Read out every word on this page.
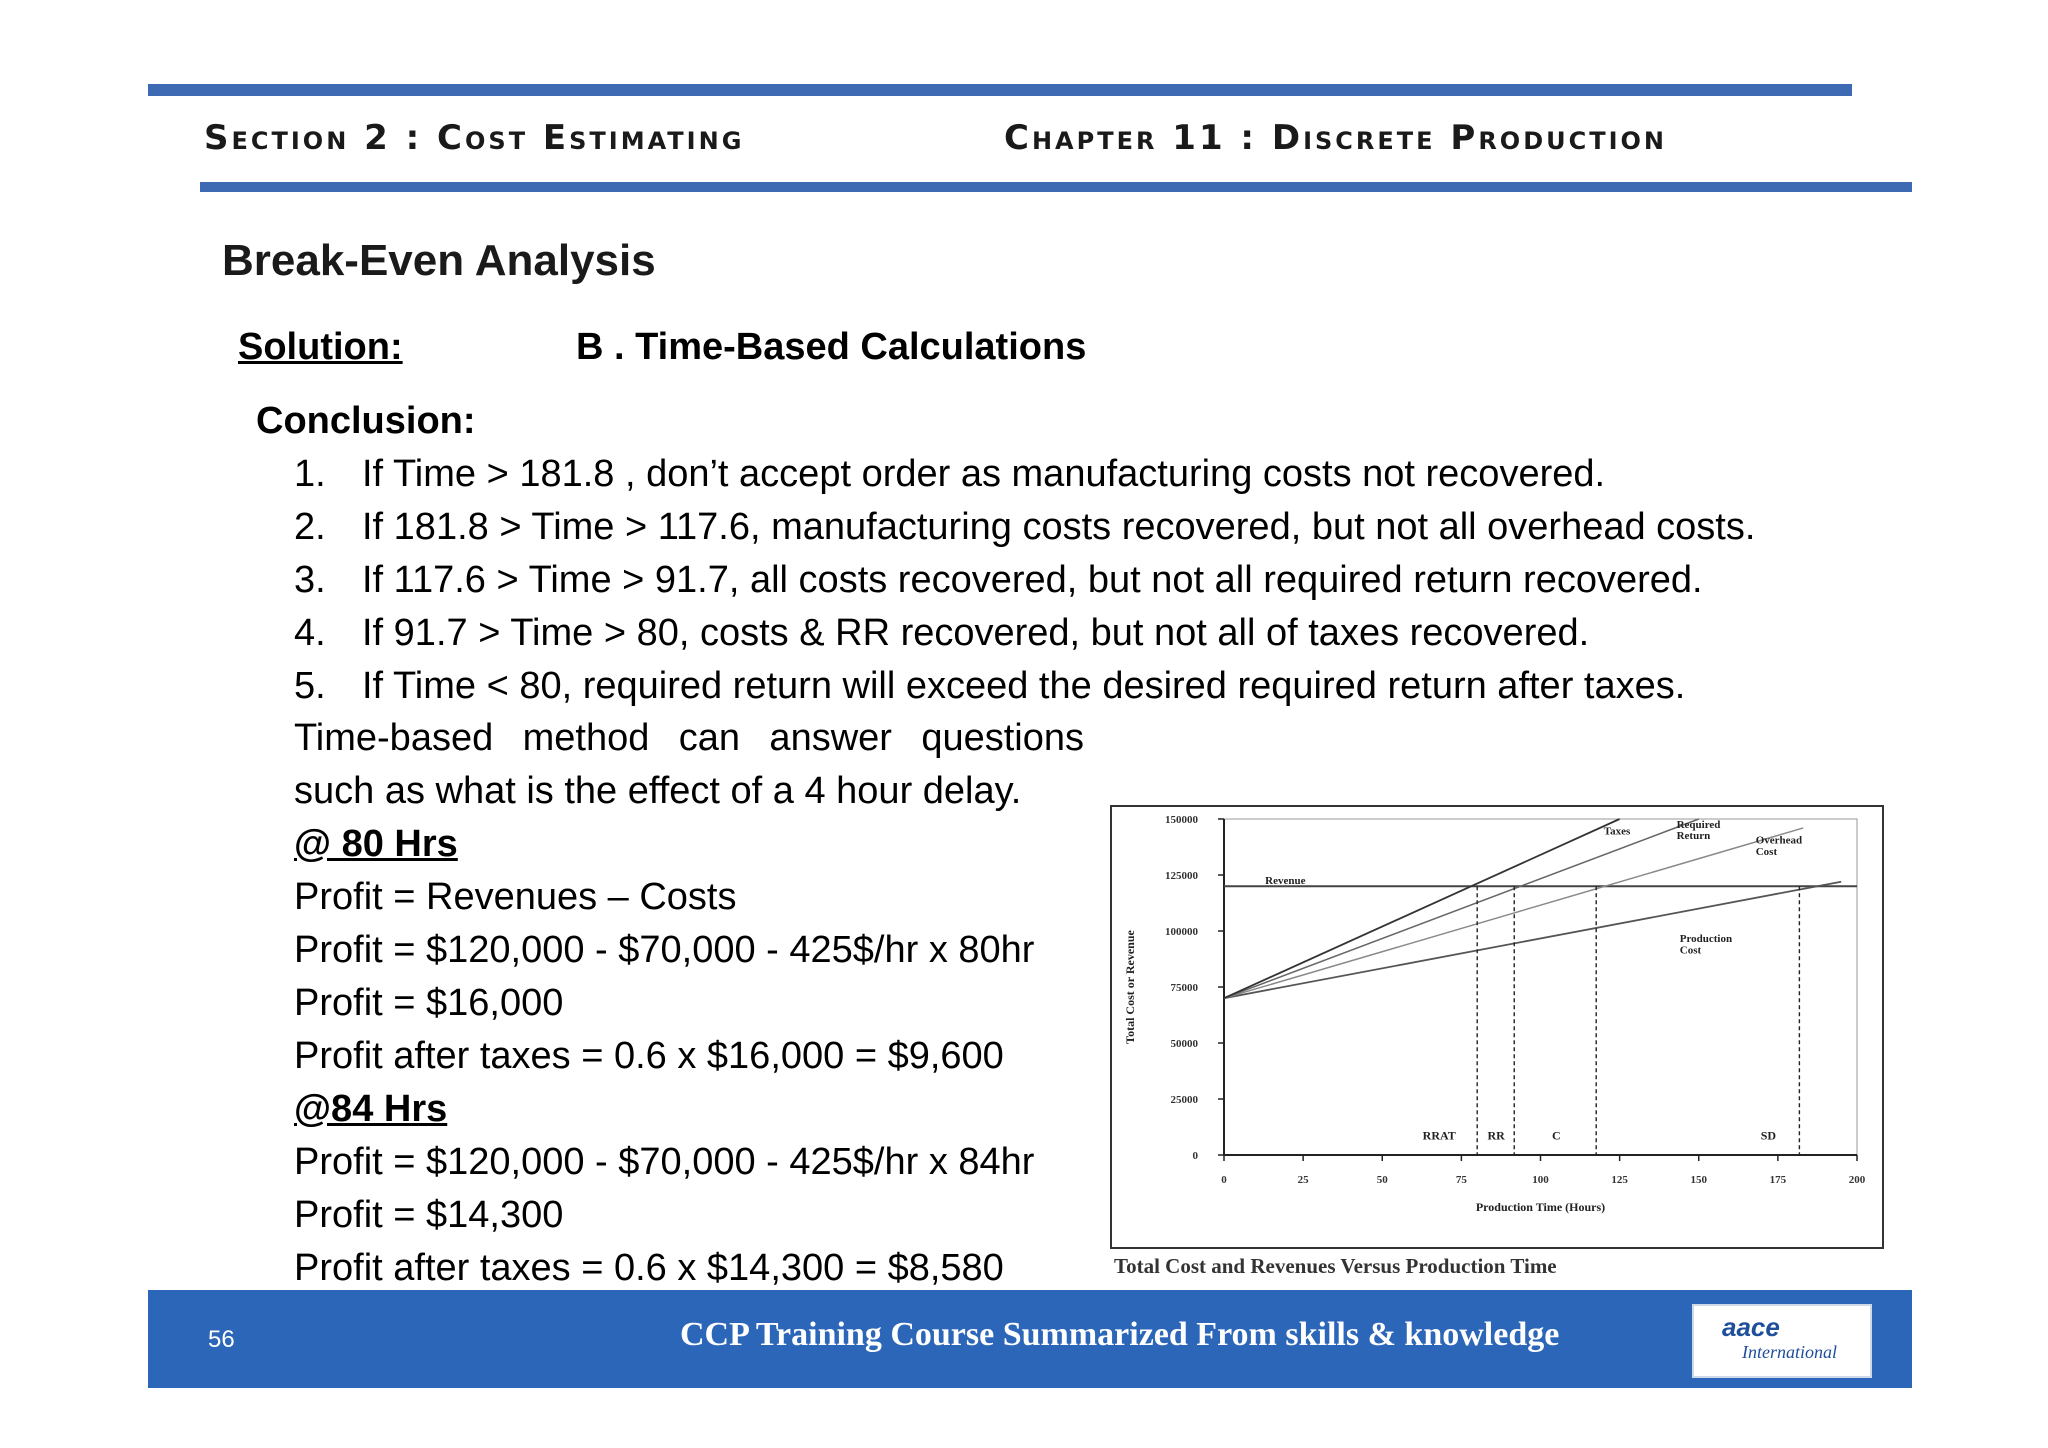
Section 2 : Cost Estimating	Chapter 11 : Discrete Production
Break-Even Analysis
Solution:	B . Time-Based Calculations
Conclusion:
1. If Time > 181.8 , don’t accept order as manufacturing costs not recovered.
2. If 181.8 > Time > 117.6, manufacturing costs recovered, but not all overhead costs.
3. If 117.6 > Time > 91.7, all costs recovered, but not all required return recovered.
4. If 91.7 > Time > 80, costs & RR recovered, but not all of taxes recovered.
5. If Time < 80, required return will exceed the desired required return after taxes.
Time-based method can answer questions
such as what is the effect of a 4 hour delay.
@ 80 Hrs
Profit = Revenues – Costs
Profit = $120,000 - $70,000 - 425$/hr x 80hr
Profit = $16,000
Profit after taxes = 0.6 x $16,000 = $9,600
@84 Hrs
Profit = $120,000 - $70,000 - 425$/hr x 84hr
Profit = $14,300
Profit after taxes = 0.6 x $14,300 = $8,580
0
25000
50000
75000
100000
125000
150000
0	25	50	75	100	125	150	175	200
Production Time (Hours)
Total Cost or Revenue
RRAT	RR	C	SD
Revenue
Taxes
Required
Return	Overhead
Cost
Production
Cost
Total Cost and Revenues Versus Production Time
56	CCP Training Course Summarized From skills & knowledge	aace
International
